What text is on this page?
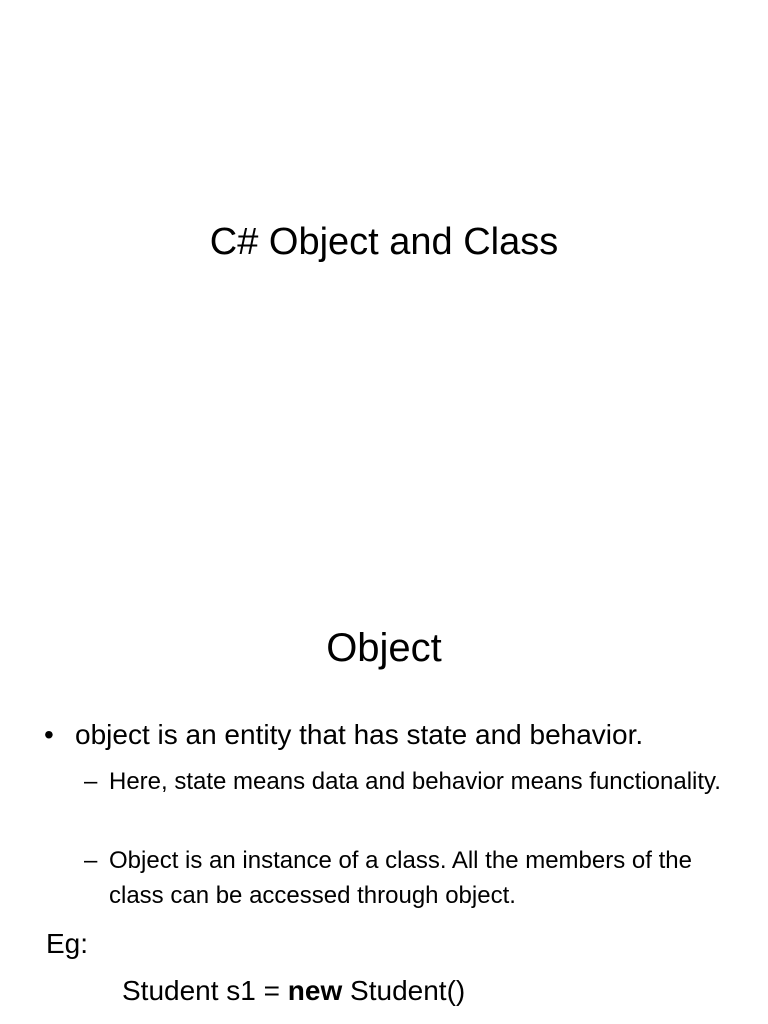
C# Object and Class
Object
• object is an entity that has state and behavior.
– Here, state means data and behavior means functionality.
– Object is an instance of a class. All the members of the class can be accessed through object.
Eg:
Student s1 = new Student()
